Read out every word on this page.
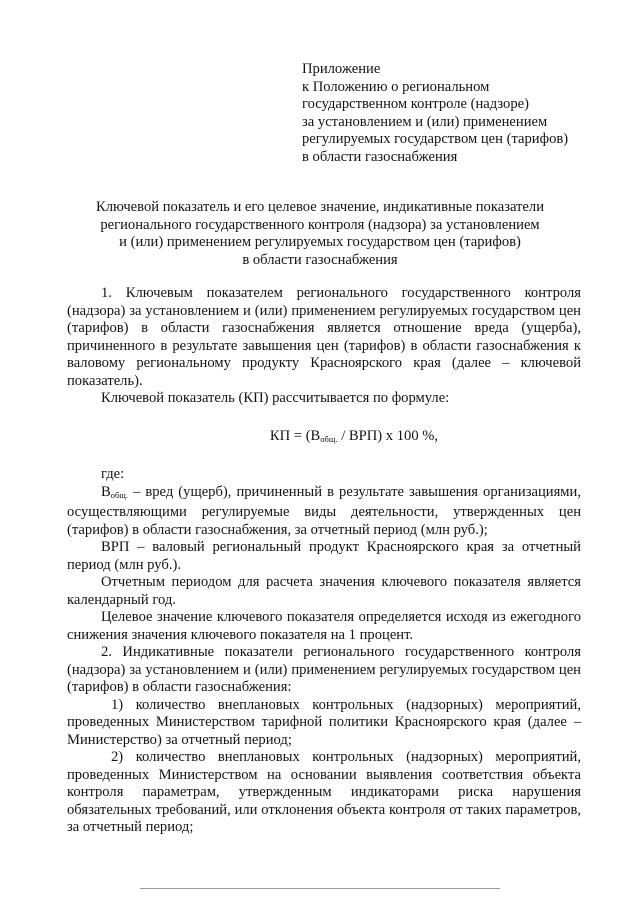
Приложение
к Положению о региональном
государственном контроле (надзоре)
за установлением и (или) применением
регулируемых государством цен (тарифов)
в области газоснабжения
Ключевой показатель и его целевое значение, индикативные показатели
регионального государственного контроля (надзора) за установлением
и (или) применением регулируемых государством цен (тарифов)
в области газоснабжения

1. Ключевым показателем регионального государственного контроля (надзора) за установлением и (или) применением регулируемых государством цен (тарифов) в области газоснабжения является отношение вреда (ущерба), причиненного в результате завышения цен (тарифов) в области газоснабжения к валовому региональному продукту Красноярского края (далее – ключевой показатель).

Ключевой показатель (КП) рассчитывается по формуле:

КП = $(В_{общ.} / ВРП)$ х 100 %,

где:

$В_{общ.}$ – вред (ущерб), причиненный в результате завышения организациями, осуществляющими регулируемые виды деятельности, утвержденных цен (тарифов) в области газоснабжения, за отчетный период (млн руб.);

ВРП – валовый региональный продукт Красноярского края за отчетный период (млн руб.).

Отчетным периодом для расчета значения ключевого показателя является календарный год.

Целевое значение ключевого показателя определяется исходя из ежегодного снижения значения ключевого показателя на 1 процент.

2. Индикативные показатели регионального государственного контроля (надзора) за установлением и (или) применением регулируемых государством цен (тарифов) в области газоснабжения:

1) количество внеплановых контрольных (надзорных) мероприятий, проведенных Министерством тарифной политики Красноярского края (далее – Министерство) за отчетный период;

2) количество внеплановых контрольных (надзорных) мероприятий, проведенных Министерством на основании выявления соответствия объекта контроля параметрам, утвержденным индикаторами риска нарушения обязательных требований, или отклонения объекта контроля от таких параметров, за отчетный период;
